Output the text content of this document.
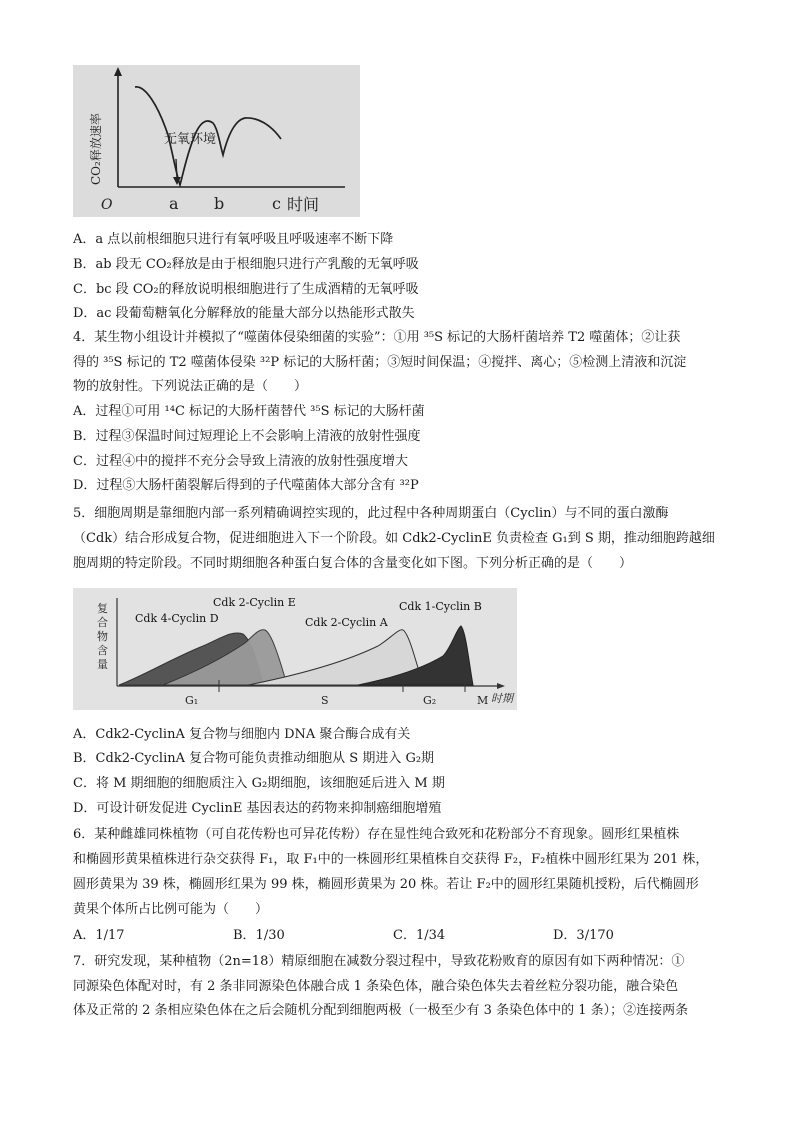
无氧环境
CO₂释放速率
O	a b	c 时间
A．a 点以前根细胞只进行有氧呼吸且呼吸速率不断下降
B．ab 段无 CO₂释放是由于根细胞只进行产乳酸的无氧呼吸
C．bc 段 CO₂的释放说明根细胞进行了生成酒精的无氧呼吸
D．ac 段葡萄糖氧化分解释放的能量大部分以热能形式散失
4．某生物小组设计并模拟了“噬菌体侵染细菌的实验”：①用 ³⁵S 标记的大肠杆菌培养 T2 噬菌体；②让获
得的 ³⁵S 标记的 T2 噬菌体侵染 ³²P 标记的大肠杆菌；③短时间保温；④搅拌、离心；⑤检测上清液和沉淀
物的放射性。下列说法正确的是（　　）
A．过程①可用 ¹⁴C 标记的大肠杆菌替代 ³⁵S 标记的大肠杆菌
B．过程③保温时间过短理论上不会影响上清液的放射性强度
C．过程④中的搅拌不充分会导致上清液的放射性强度增大
D．过程⑤大肠杆菌裂解后得到的子代噬菌体大部分含有 ³²P
5．细胞周期是靠细胞内部一系列精确调控实现的，此过程中各种周期蛋白（Cyclin）与不同的蛋白激酶
（Cdk）结合形成复合物，促进细胞进入下一个阶段。如 Cdk2-CyclinE 负责检查 G₁到 S 期，推动细胞跨越细
胞周期的特定阶段。不同时期细胞各种蛋白复合体的含量变化如下图。下列分析正确的是（　　）
复
合
物
含
量
Cdk 4-Cyclin D
Cdk 2-Cyclin E
Cdk 2-Cyclin A
Cdk 1-Cyclin B
G₁	S	G₂	M 时期
A．Cdk2-CyclinA 复合物与细胞内 DNA 聚合酶合成有关
B．Cdk2-CyclinA 复合物可能负责推动细胞从 S 期进入 G₂期
C．将 M 期细胞的细胞质注入 G₂期细胞，该细胞延后进入 M 期
D．可设计研发促进 CyclinE 基因表达的药物来抑制癌细胞增殖
6．某种雌雄同株植物（可自花传粉也可异花传粉）存在显性纯合致死和花粉部分不育现象。圆形红果植株
和椭圆形黄果植株进行杂交获得 F₁，取 F₁中的一株圆形红果植株自交获得 F₂，F₂植株中圆形红果为 201 株，
圆形黄果为 39 株，椭圆形红果为 99 株，椭圆形黄果为 20 株。若让 F₂中的圆形红果随机授粉，后代椭圆形
黄果个体所占比例可能为（　　）
A．1/17	B．1/30	C．1/34	D．3/170
7．研究发现，某种植物（2n=18）精原细胞在减数分裂过程中，导致花粉败育的原因有如下两种情况：①
同源染色体配对时，有 2 条非同源染色体融合成 1 条染色体，融合染色体失去着丝粒分裂功能，融合染色
体及正常的 2 条相应染色体在之后会随机分配到细胞两极（一极至少有 3 条染色体中的 1 条）；②连接两条
